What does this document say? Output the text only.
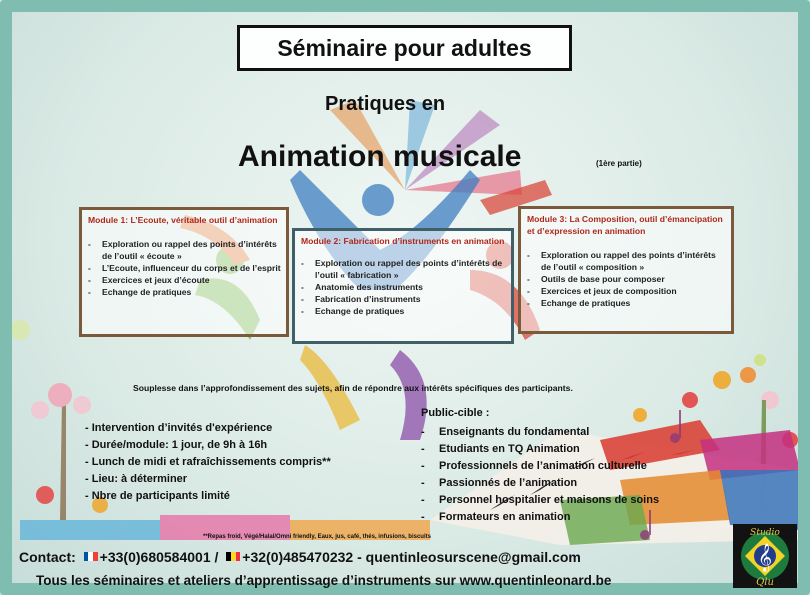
Séminaire pour adultes
Pratiques en
Animation musicale	(1ère partie)
Module 1: L’Ecoute, véritable outil d’animation
- Exploration ou rappel des points d’intérêts de l’outil « écoute »
- L’Ecoute, influenceur du corps et de l’esprit
- Exercices et jeux d’écoute
- Echange de pratiques
Module 2: Fabrication d’instruments en animation
- Exploration ou rappel des points d’intérêts de l’outil « fabrication »
- Anatomie des instruments
- Fabrication d’instruments
- Echange de pratiques
Module 3: La Composition, outil d’émancipation et d’expression en animation
- Exploration ou rappel des points d’intérêts de l’outil « composition »
- Outils de base pour composer
- Exercices et jeux de composition
- Echange de pratiques
Souplesse dans l’approfondissement des sujets, afin de répondre aux intérêts spécifiques des participants.
- Intervention d’invités d'expérience
- Durée/module: 1 jour, de 9h à 16h
- Lunch de midi et rafraîchissements compris**
- Lieu: à déterminer
- Nbre de participants limité
Public-cible :
- Enseignants du fondamental
- Etudiants en TQ Animation
- Professionnels de l’animation culturelle
- Passionnés de l’animation
- Personnel hospitalier et maisons de soins
- Formateurs en animation
**Repas froid, Végé/Halal/Omni friendly, Eaux, jus, café, thés, infusions, biscuits
Contact: +33(0)680584001 / +32(0)485470232 - quentinleosurscene@gmail.com
Tous les séminaires et ateliers d’apprentissage d’instruments sur www.quentinleonard.be
Studio
Qlu
𝄞
